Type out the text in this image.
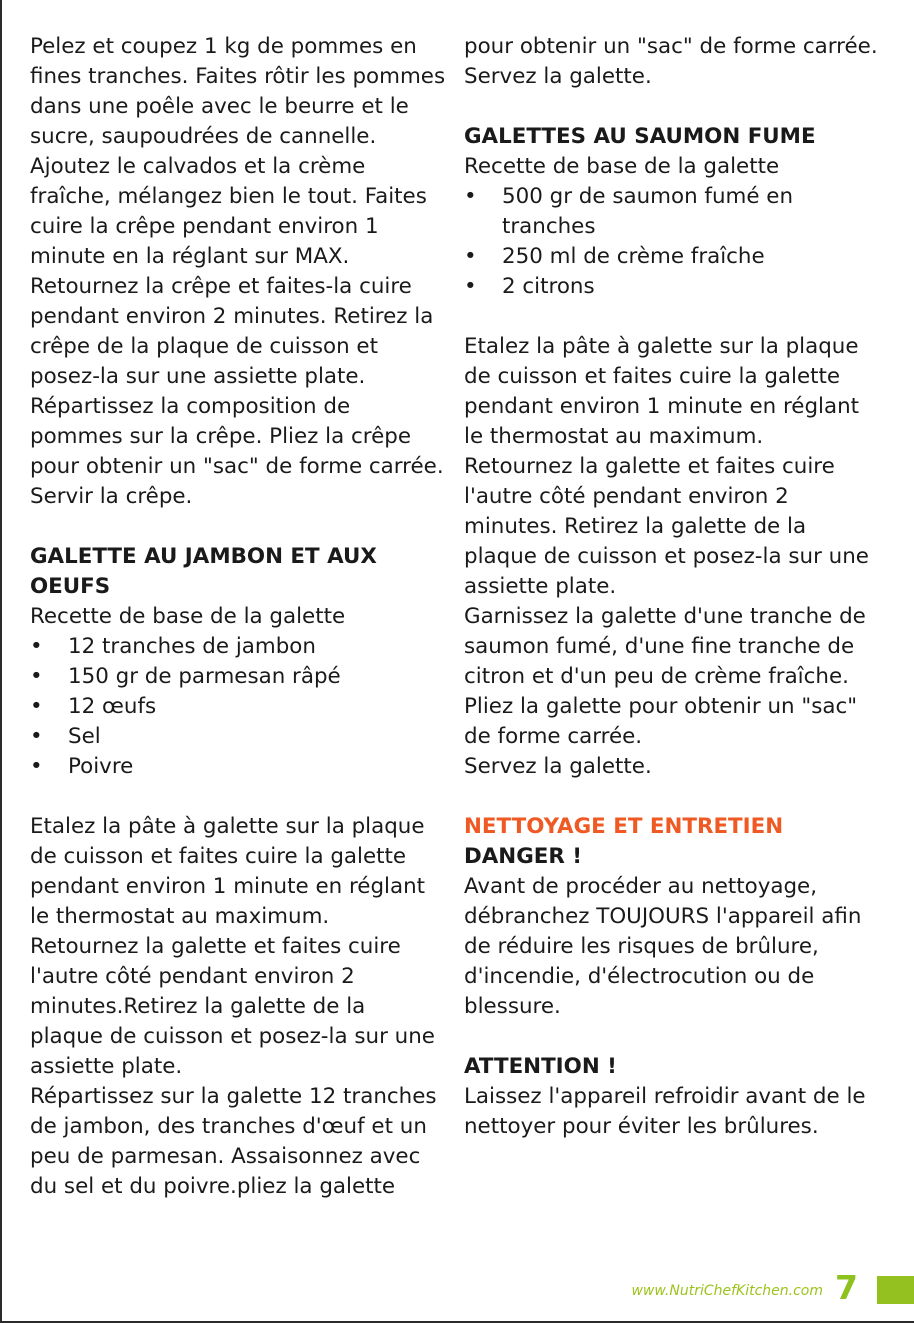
Pelez et coupez 1 kg de pommes en
fines tranches. Faites rôtir les pommes
dans une poêle avec le beurre et le
sucre, saupoudrées de cannelle.
Ajoutez le calvados et la crème
fraîche, mélangez bien le tout. Faites
cuire la crêpe pendant environ 1
minute en la réglant sur MAX.
Retournez la crêpe et faites-la cuire
pendant environ 2 minutes. Retirez la
crêpe de la plaque de cuisson et
posez-la sur une assiette plate.
Répartissez la composition de
pommes sur la crêpe. Pliez la crêpe
pour obtenir un "sac" de forme carrée.
Servir la crêpe.
GALETTE AU JAMBON ET AUX
OEUFS
Recette de base de la galette
• 12 tranches de jambon
• 150 gr de parmesan râpé
• 12 œufs
• Sel
• Poivre
Etalez la pâte à galette sur la plaque
de cuisson et faites cuire la galette
pendant environ 1 minute en réglant
le thermostat au maximum.
Retournez la galette et faites cuire
l'autre côté pendant environ 2
minutes.Retirez la galette de la
plaque de cuisson et posez-la sur une
assiette plate.
Répartissez sur la galette 12 tranches
de jambon, des tranches d'œuf et un
peu de parmesan. Assaisonnez avec
du sel et du poivre.pliez la galette
pour obtenir un "sac" de forme carrée.
Servez la galette.
GALETTES AU SAUMON FUME
Recette de base de la galette
• 500 gr de saumon fumé en
tranches
• 250 ml de crème fraîche
• 2 citrons
Etalez la pâte à galette sur la plaque
de cuisson et faites cuire la galette
pendant environ 1 minute en réglant
le thermostat au maximum.
Retournez la galette et faites cuire
l'autre côté pendant environ 2
minutes. Retirez la galette de la
plaque de cuisson et posez-la sur une
assiette plate.
Garnissez la galette d'une tranche de
saumon fumé, d'une fine tranche de
citron et d'un peu de crème fraîche.
Pliez la galette pour obtenir un "sac"
de forme carrée.
Servez la galette.
NETTOYAGE ET ENTRETIEN
DANGER !
Avant de procéder au nettoyage,
débranchez TOUJOURS l'appareil afin
de réduire les risques de brûlure,
d'incendie, d'électrocution ou de
blessure.
ATTENTION !
Laissez l'appareil refroidir avant de le
nettoyer pour éviter les brûlures.
www.NutriChefKitchen.com 7
